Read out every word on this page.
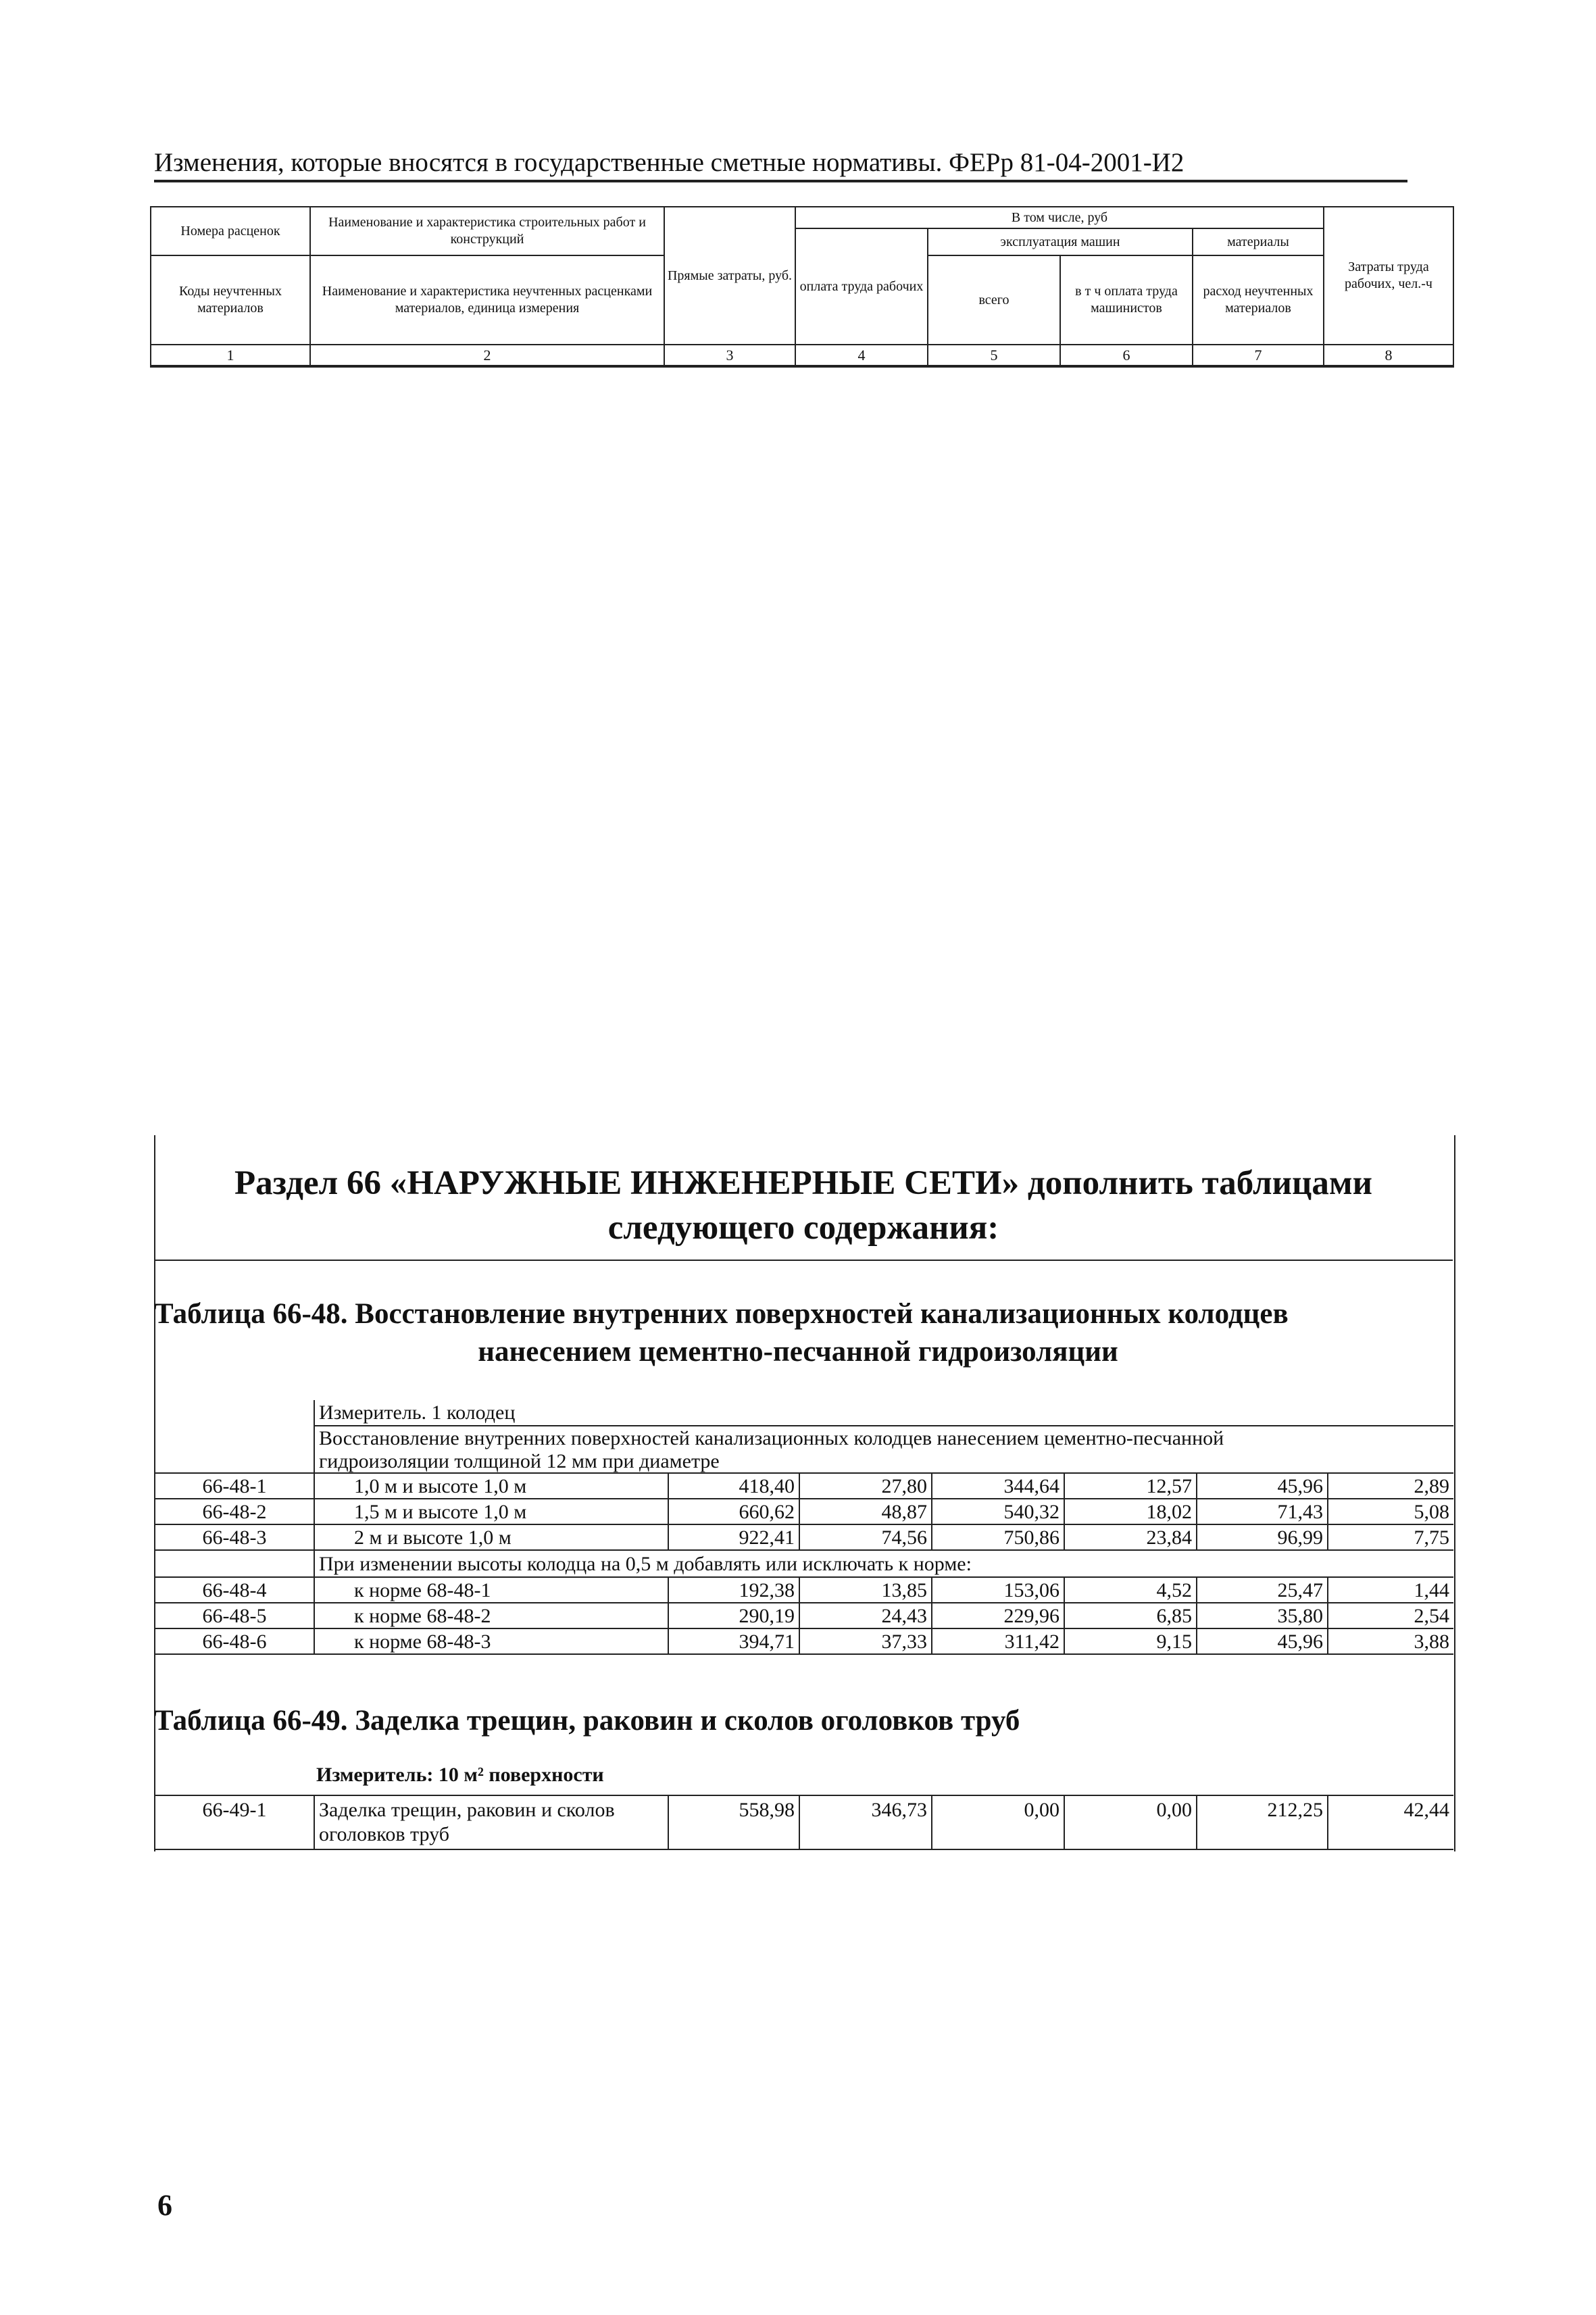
Изменения, которые вносятся в государственные сметные нормативы. ФЕРр 81-04-2001-И2
Номера расценок	Наименование и характеристика строительных работ и конструкций	Прямые затраты, руб.	В том числе, руб				Затраты труда рабочих, чел.-ч
			оплата труда рабочих	эксплуатация машин		материалы	
Коды неучтенных материалов	Наименование и характеристика неучтенных расценками материалов, единица измерения			всего	в т ч оплата труда машинистов	расход неучтенных материалов	

1	2	3	4	5	6	7	8
Раздел 66 «НАРУЖНЫЕ ИНЖЕНЕРНЫЕ СЕТИ» дополнить таблицами
следующего содержания:
Таблица 66-48. Восстановление внутренних поверхностей канализационных колодцев
нанесением цементно-песчанной гидроизоляции
	Измеритель. 1 колодец						
	Восстановление внутренних поверхностей канализационных колодцев нанесением цементно-песчанной						
	гидроизоляции толщиной 12 мм при диаметре						
66-48-1	1,0 м и высоте 1,0 м	418,40	27,80	344,64	12,57	45,96	2,89
66-48-2	1,5 м и высоте 1,0 м	660,62	48,87	540,32	18,02	71,43	5,08
66-48-3	2 м и высоте 1,0 м	922,41	74,56	750,86	23,84	96,99	7,75
	При изменении высоты колодца на 0,5 м добавлять или исключать к норме:						
66-48-4	к норме 68-48-1	192,38	13,85	153,06	4,52	25,47	1,44
66-48-5	к норме 68-48-2	290,19	24,43	229,96	6,85	35,80	2,54
66-48-6	к норме 68-48-3	394,71	37,33	311,42	9,15	45,96	3,88
Таблица 66-49. Заделка трещин, раковин и сколов оголовков труб
Измеритель: 10 м² поверхности
66-49-1	Заделка трещин, раковин и сколов
оголовков труб
	558,98	346,73	0,00	0,00	212,25	42,44
6
